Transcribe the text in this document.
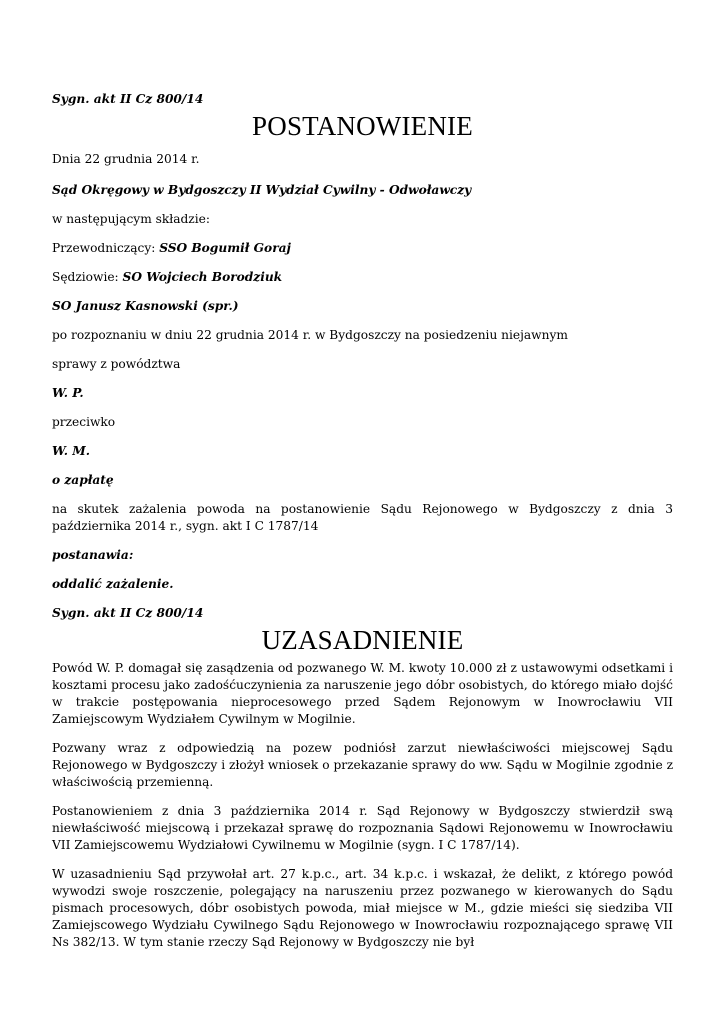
Sygn. akt II Cz 800/14

POSTANOWIENIE

Dnia 22 grudnia 2014 r.

Sąd Okręgowy w Bydgoszczy II Wydział Cywilny - Odwoławczy

w następującym składzie:

Przewodniczący: SSO Bogumił Goraj

Sędziowie: SO Wojciech Borodziuk

SO Janusz Kasnowski (spr.)

po rozpoznaniu w dniu 22 grudnia 2014 r. w Bydgoszczy na posiedzeniu niejawnym

sprawy z powództwa

W. P.

przeciwko

W. M.

o zapłatę

na skutek zażalenia powoda na postanowienie Sądu Rejonowego w Bydgoszczy z dnia 3 października 2014 r., sygn. akt I C 1787/14

postanawia:

oddalić zażalenie.

Sygn. akt II Cz 800/14

UZASADNIENIE

Powód W. P. domagał się zasądzenia od pozwanego W. M. kwoty 10.000 zł z ustawowymi odsetkami i kosztami procesu jako zadośćuczynienia za naruszenie jego dóbr osobistych, do którego miało dojść w trakcie postępowania nieprocesowego przed Sądem Rejonowym w Inowrocławiu VII Zamiejscowym Wydziałem Cywilnym w Mogilnie.

Pozwany wraz z odpowiedzią na pozew podniósł zarzut niewłaściwości miejscowej Sądu Rejonowego w Bydgoszczy i złożył wniosek o przekazanie sprawy do ww. Sądu w Mogilnie zgodnie z właściwością przemienną.

Postanowieniem z dnia 3 października 2014 r. Sąd Rejonowy w Bydgoszczy stwierdził swą niewłaściwość miejscową i przekazał sprawę do rozpoznania Sądowi Rejonowemu w Inowrocławiu VII Zamiejscowemu Wydziałowi Cywilnemu w Mogilnie (sygn. I C 1787/14).

W uzasadnieniu Sąd przywołał art. 27 k.p.c., art. 34 k.p.c. i wskazał, że delikt, z którego powód wywodzi swoje roszczenie, polegający na naruszeniu przez pozwanego w kierowanych do Sądu pismach procesowych, dóbr osobistych powoda, miał miejsce w M., gdzie mieści się siedziba VII Zamiejscowego Wydziału Cywilnego Sądu Rejonowego w Inowrocławiu rozpoznającego sprawę VII Ns 382/13. W tym stanie rzeczy Sąd Rejonowy w Bydgoszczy nie był
